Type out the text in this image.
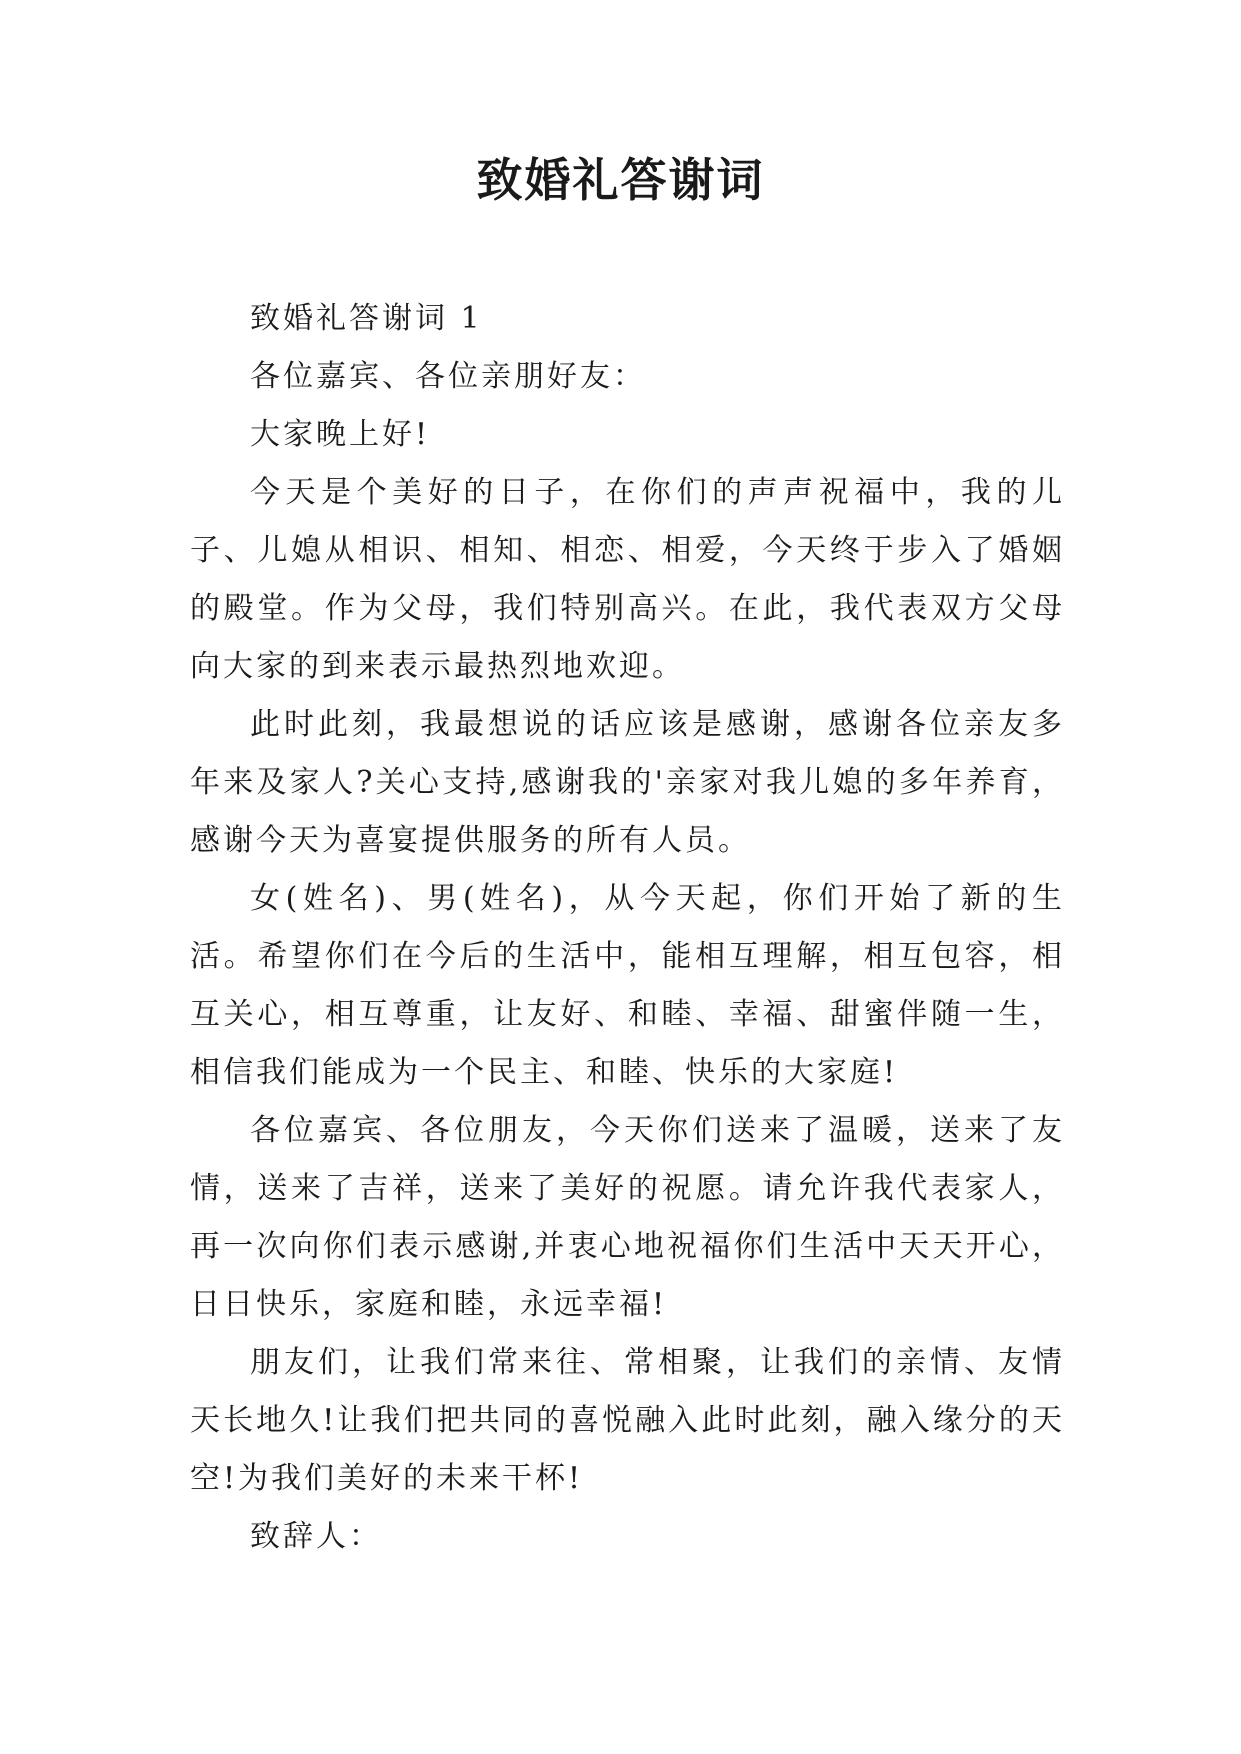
致婚礼答谢词

致婚礼答谢词 1

各位嘉宾、各位亲朋好友：

大家晚上好!

今天是个美好的日子，在你们的声声祝福中，我的儿子、儿媳从相识、相知、相恋、相爱，今天终于步入了婚姻的殿堂。作为父母，我们特别高兴。在此，我代表双方父母向大家的到来表示最热烈地欢迎。

此时此刻，我最想说的话应该是感谢，感谢各位亲友多年来及家人?关心支持,感谢我的'亲家对我儿媳的多年养育，感谢今天为喜宴提供服务的所有人员。

女(姓名)、男(姓名)，从今天起，你们开始了新的生活。希望你们在今后的生活中，能相互理解，相互包容，相互关心，相互尊重，让友好、和睦、幸福、甜蜜伴随一生，相信我们能成为一个民主、和睦、快乐的大家庭!

各位嘉宾、各位朋友，今天你们送来了温暖，送来了友情，送来了吉祥，送来了美好的祝愿。请允许我代表家人，再一次向你们表示感谢,并衷心地祝福你们生活中天天开心，日日快乐，家庭和睦，永远幸福!

朋友们，让我们常来往、常相聚，让我们的亲情、友情天长地久!让我们把共同的喜悦融入此时此刻，融入缘分的天空!为我们美好的未来干杯!

致辞人：
